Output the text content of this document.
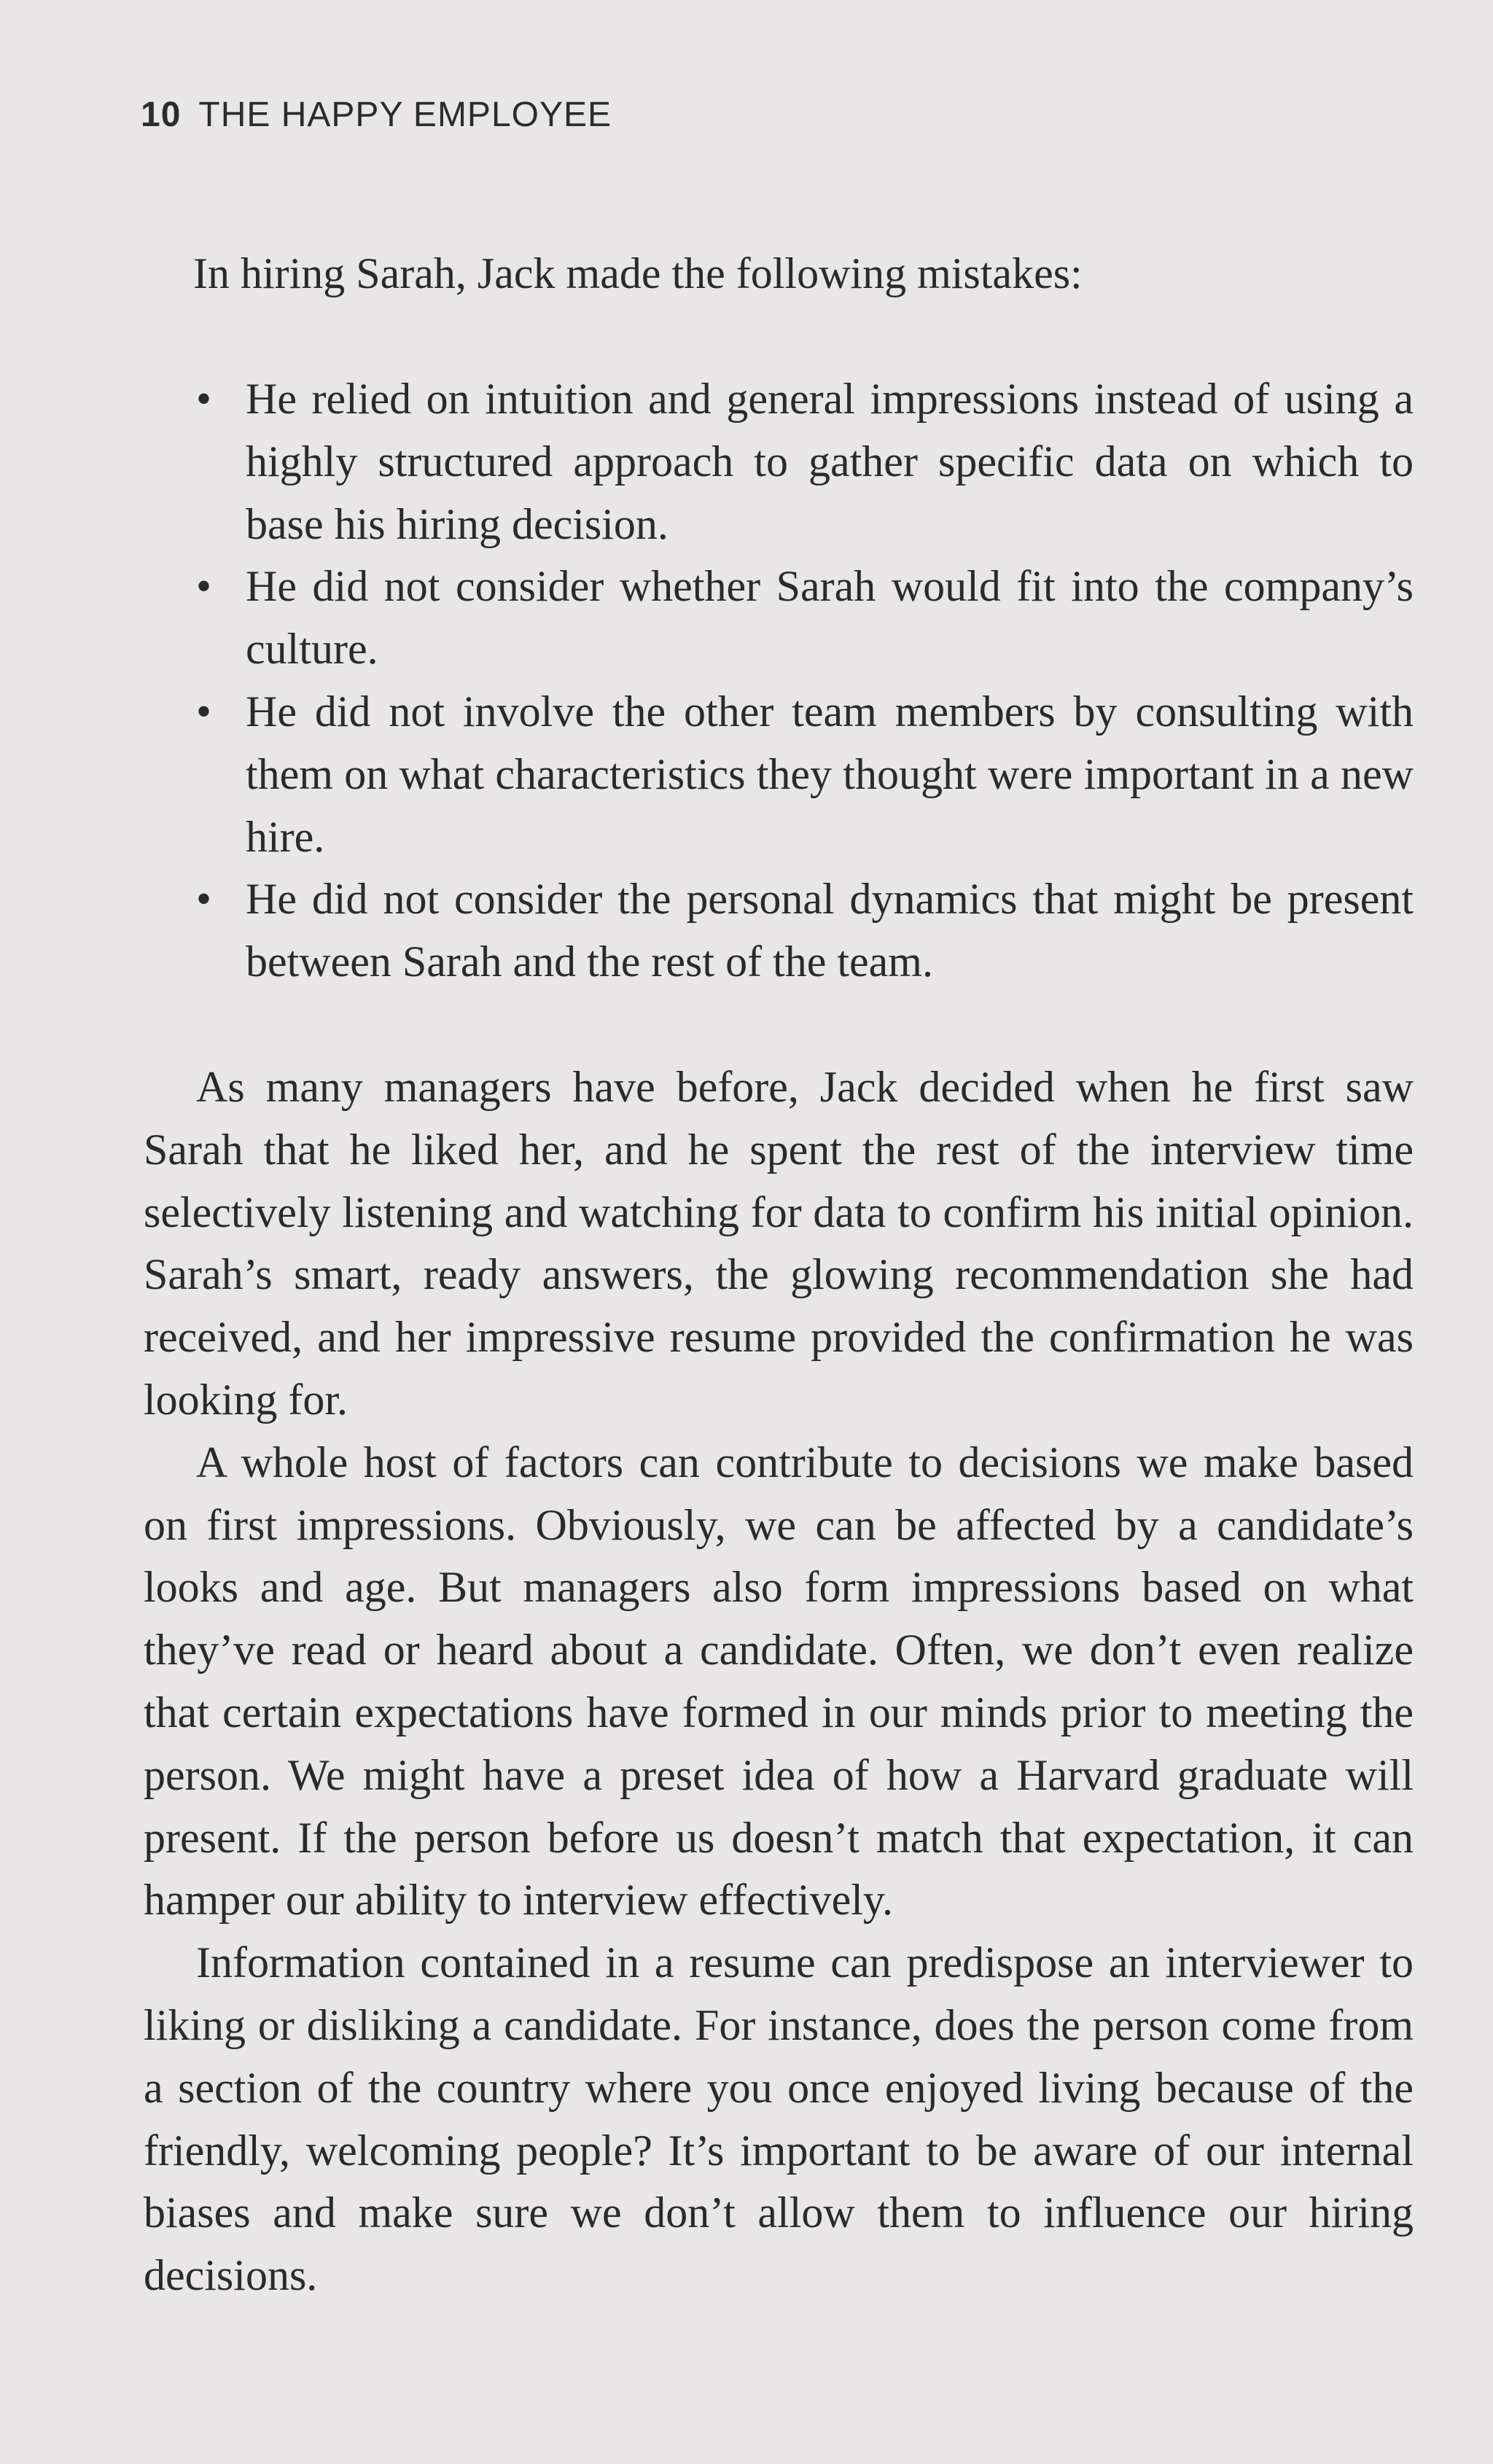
10 THE HAPPY EMPLOYEE
In hiring Sarah, Jack made the following mistakes:
• He relied on intuition and general impressions instead of using a highly structured approach to gather specific data on which to base his hiring decision.
• He did not consider whether Sarah would fit into the company’s culture.
• He did not involve the other team members by consulting with them on what characteristics they thought were important in a new hire.
• He did not consider the personal dynamics that might be present between Sarah and the rest of the team.

As many managers have before, Jack decided when he first saw Sarah that he liked her, and he spent the rest of the interview time selectively listening and watching for data to confirm his initial opinion. Sarah’s smart, ready answers, the glowing recommendation she had received, and her impressive resume provided the confirmation he was looking for.

A whole host of factors can contribute to decisions we make based on first impressions. Obviously, we can be affected by a candidate’s looks and age. But managers also form impressions based on what they’ve read or heard about a candidate. Often, we don’t even realize that certain expectations have formed in our minds prior to meeting the person. We might have a preset idea of how a Harvard graduate will present. If the person before us doesn’t match that expectation, it can hamper our ability to interview effectively.

Information contained in a resume can predispose an interviewer to liking or disliking a candidate. For instance, does the person come from a section of the country where you once enjoyed living because of the friendly, welcoming people? It’s important to be aware of our internal biases and make sure we don’t allow them to influence our hiring decisions.
